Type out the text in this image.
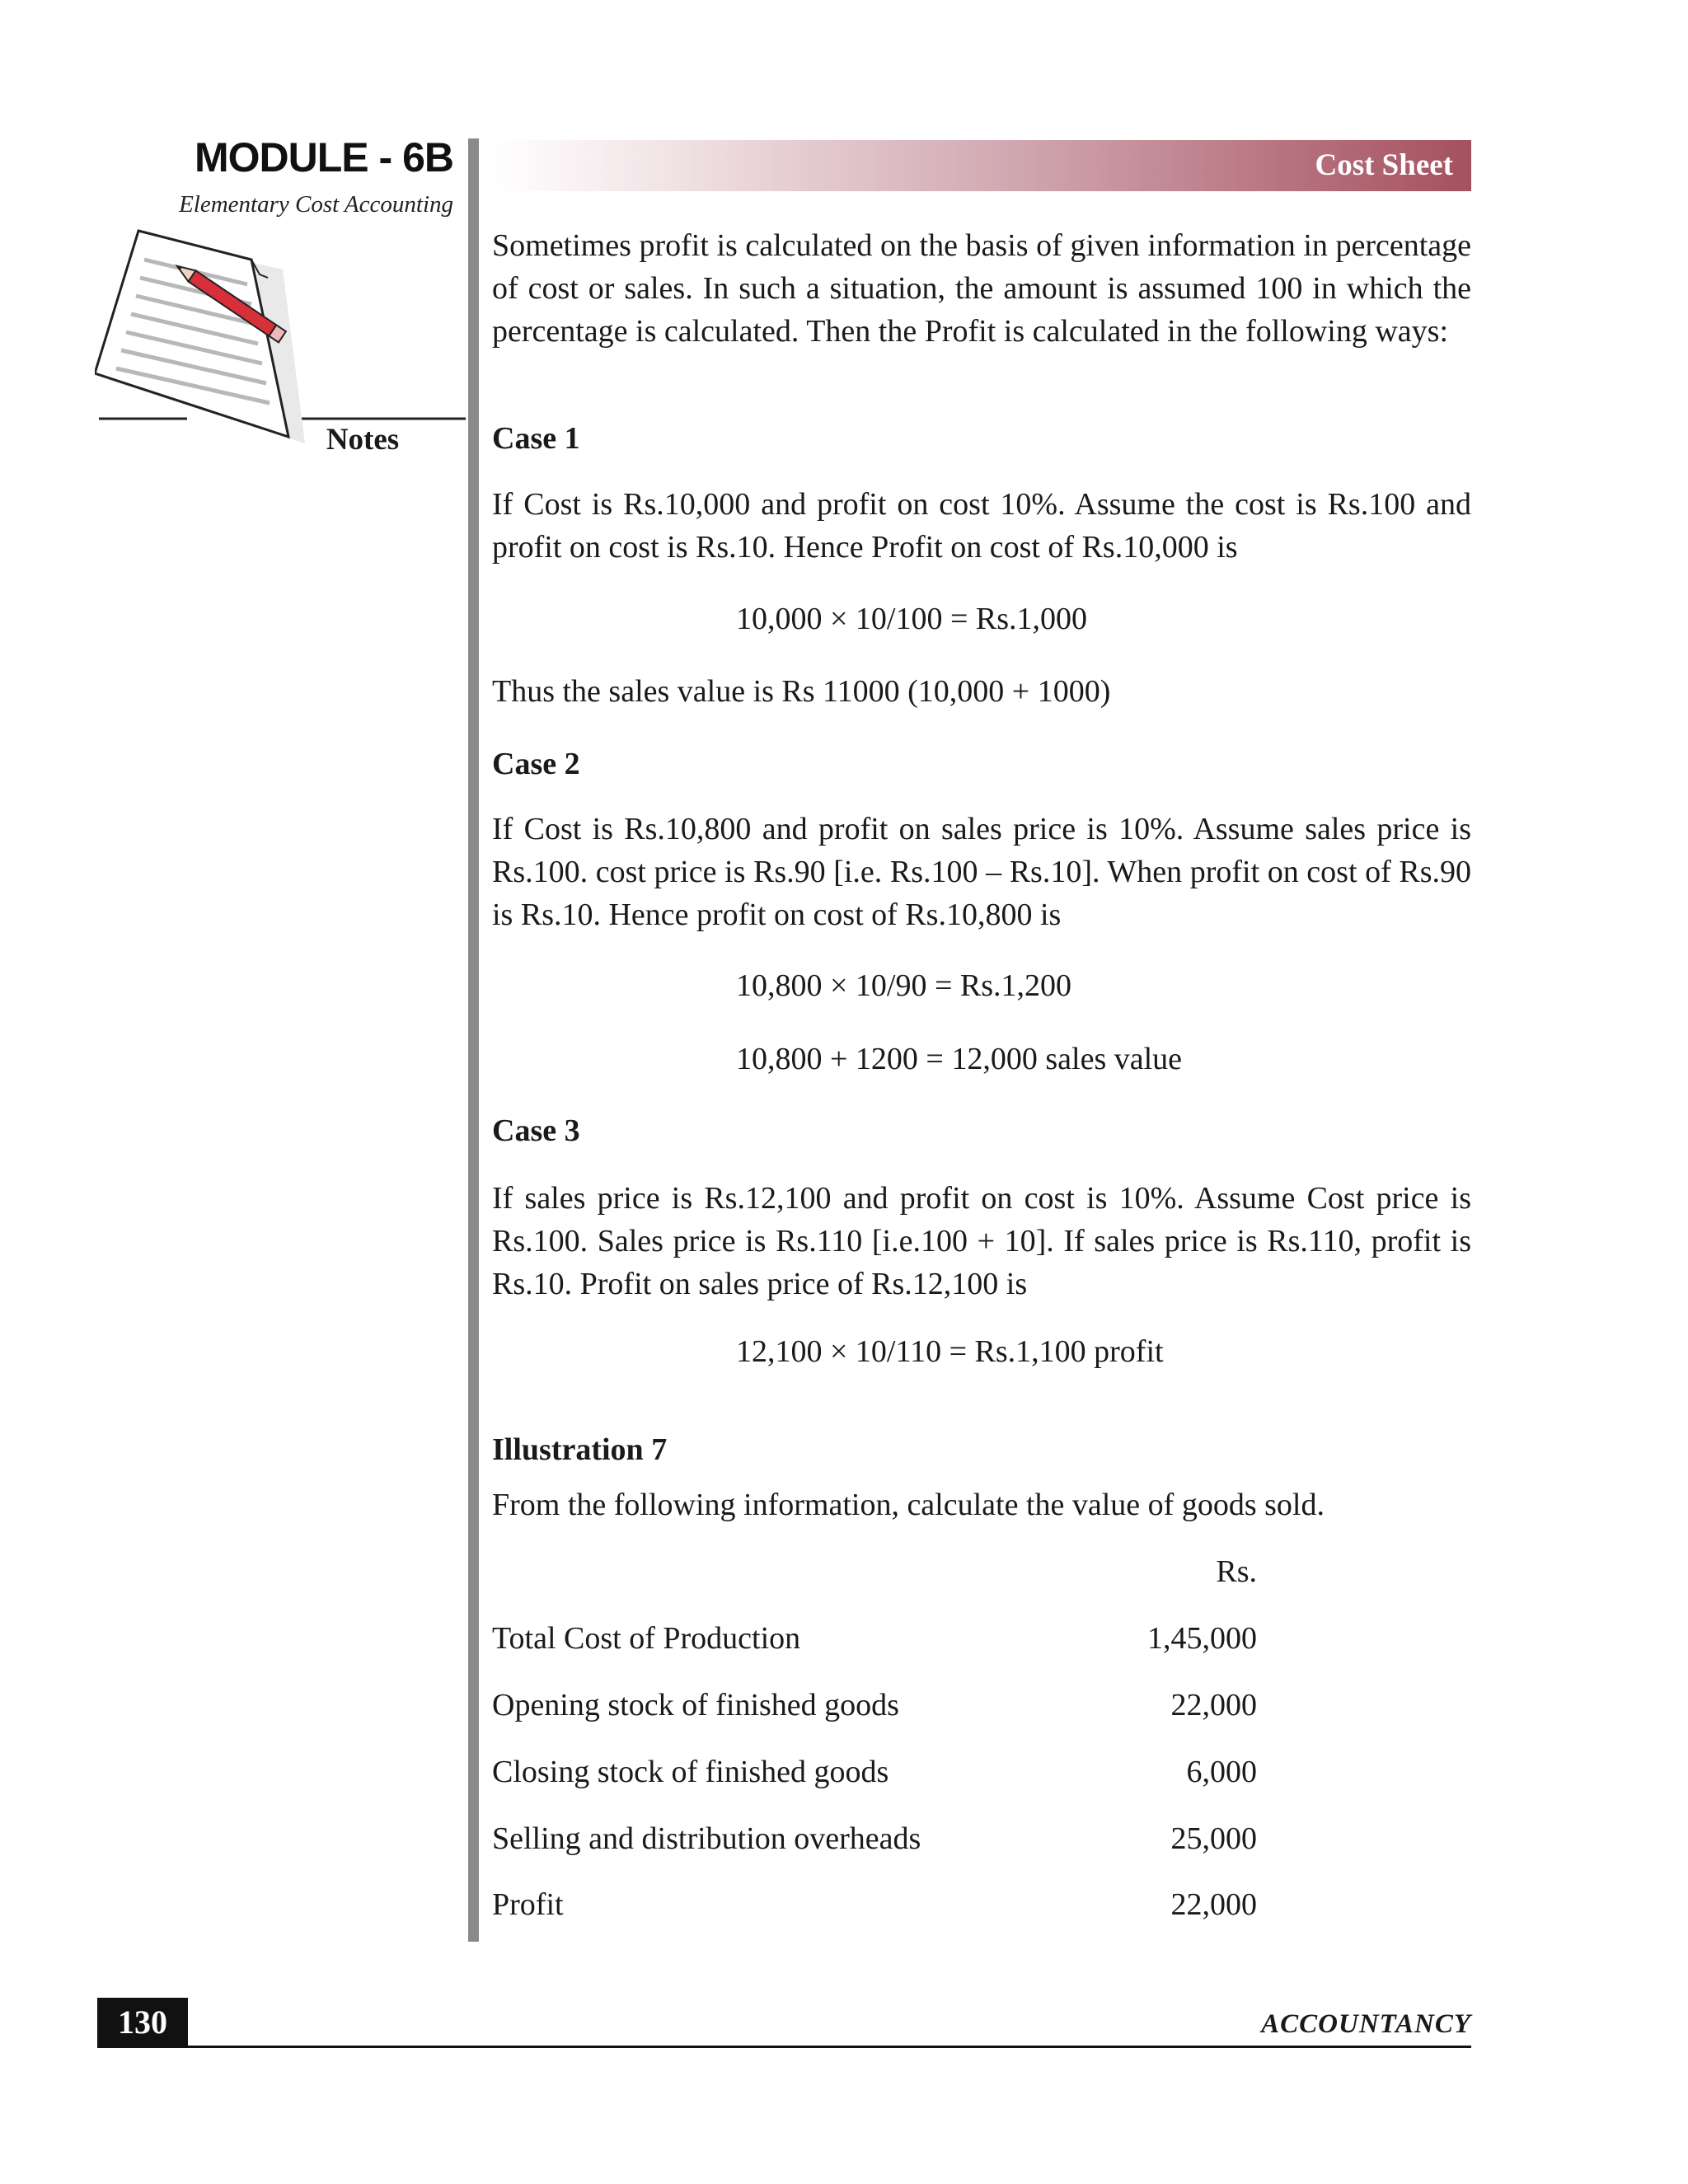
MODULE - 6B
Elementary Cost Accounting
Notes
Cost Sheet
Sometimes profit is calculated on the basis of given information in percentage of cost or sales. In such a situation, the amount is assumed 100 in which the percentage is calculated. Then the Profit is calculated in the following ways:
Case 1
If Cost is Rs.10,000 and profit on cost 10%. Assume the cost is Rs.100 and profit on cost is Rs.10. Hence Profit on cost of Rs.10,000 is
10,000 × 10/100 = Rs.1,000
Thus the sales value is Rs 11000 (10,000 + 1000)
Case 2
If Cost is Rs.10,800 and profit on sales price is 10%. Assume sales price is Rs.100. cost price is Rs.90 [i.e. Rs.100 – Rs.10]. When profit on cost of Rs.90 is Rs.10. Hence profit on cost of Rs.10,800 is
10,800 × 10/90 = Rs.1,200
10,800 + 1200 = 12,000 sales value
Case 3
If sales price is Rs.12,100 and profit on cost is 10%. Assume Cost price is Rs.100. Sales price is Rs.110 [i.e.100 + 10]. If sales price is Rs.110, profit is Rs.10. Profit on sales price of Rs.12,100 is
12,100 × 10/110 = Rs.1,100 profit
Illustration 7
From the following information, calculate the value of goods sold.
Rs.
Total Cost of Production	1,45,000
Opening stock of finished goods	22,000
Closing stock of finished goods	6,000
Selling and distribution overheads	25,000
Profit	22,000
130	ACCOUNTANCY
